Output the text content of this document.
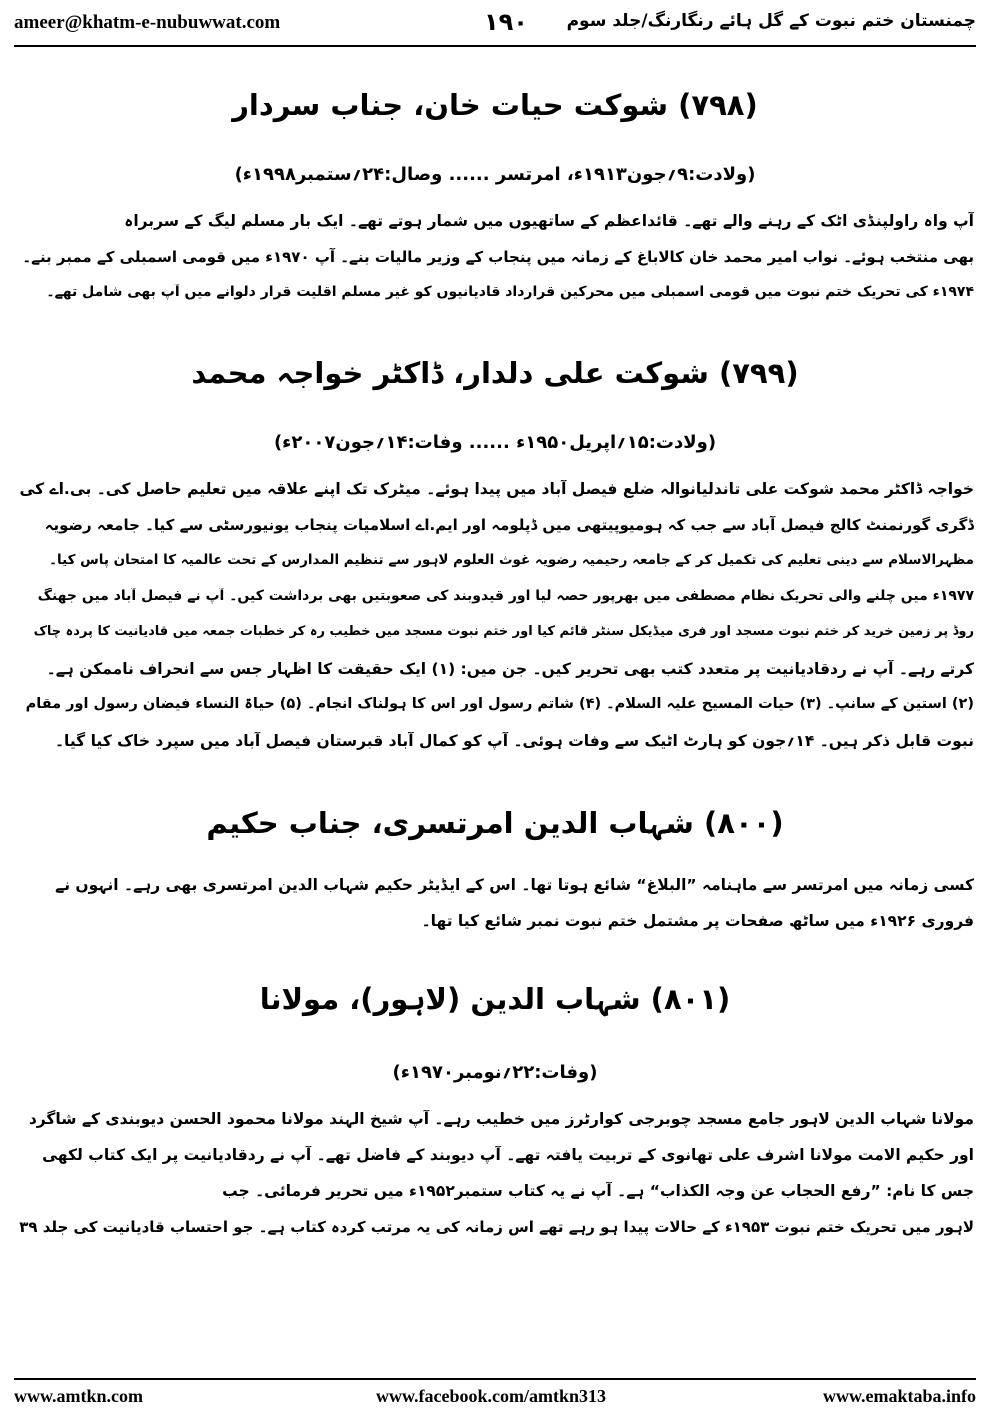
ameer@khatm-e-nubuwwat.com	۱۹۰ چمنستان ختم نبوت کے گل ہائے رنگارنگ/جلد سوم
(۷۹۸) شوکت حیات خان، جناب سردار
(ولادت:۹؍جون۱۹۱۳ء، امرتسر ...... وصال:۲۴؍ستمبر۱۹۹۸ء)
آپ واہ راولپنڈی اٹک کے رہنے والے تھے۔ قائداعظم کے ساتھیوں میں شمار ہوتے تھے۔ ایک بار مسلم لیگ کے سربراہ
بھی منتخب ہوئے۔ نواب امیر محمد خان کالاباغ کے زمانہ میں پنجاب کے وزیر مالیات بنے۔ آپ ۱۹۷۰ء میں قومی اسمبلی کے ممبر بنے۔
۱۹۷۴ء کی تحریک ختم نبوت میں قومی اسمبلی میں محرکین قرارداد قادیانیوں کو غیر مسلم اقلیت قرار دلوانے میں آپ بھی شامل تھے۔
(۷۹۹) شوکت علی دلدار، ڈاکٹر خواجہ محمد
(ولادت:۱۵؍اپریل۱۹۵۰ء ...... وفات:۱۴؍جون۲۰۰۷ء)
خواجہ ڈاکٹر محمد شوکت علی تاندلیانوالہ ضلع فیصل آباد میں پیدا ہوئے۔ میٹرک تک اپنے علاقہ میں تعلیم حاصل کی۔ بی.اے کی
ڈگری گورنمنٹ کالج فیصل آباد سے جب کہ ہومیوپیتھی میں ڈپلومہ اور ایم.اے اسلامیات پنجاب یونیورسٹی سے کیا۔ جامعہ رضویہ
مظہرالاسلام سے دینی تعلیم کی تکمیل کر کے جامعہ رحیمیہ رضویہ غوث العلوم لاہور سے تنظیم المدارس کے تحت عالمیہ کا امتحان پاس کیا۔
۱۹۷۷ء میں چلنے والی تحریک نظام مصطفی میں بھرپور حصہ لیا اور قیدوبند کی صعوبتیں بھی برداشت کیں۔ آپ نے فیصل آباد میں جھنگ
روڈ پر زمین خرید کر ختم نبوت مسجد اور فری میڈیکل سنٹر قائم کیا اور ختم نبوت مسجد میں خطیب رہ کر خطبات جمعہ میں قادیانیت کا پردہ چاک
کرتے رہے۔ آپ نے ردقادیانیت پر متعدد کتب بھی تحریر کیں۔ جن میں: (۱) ایک حقیقت کا اظہار جس سے انحراف ناممکن ہے۔
(۲) آستین کے سانپ۔ (۳) حیات المسیح علیہ السلام۔ (۴) شاتم رسول اور اس کا ہولناک انجام۔ (۵) حیاۃ النساء فیضان رسول اور مقام
نبوت قابل ذکر ہیں۔ ۱۴؍جون کو ہارٹ اٹیک سے وفات ہوئی۔ آپ کو کمال آباد قبرستان فیصل آباد میں سپرد خاک کیا گیا۔
(۸۰۰) شہاب الدین امرتسری، جناب حکیم
کسی زمانہ میں امرتسر سے ماہنامہ ”البلاغ“ شائع ہوتا تھا۔ اس کے ایڈیٹر حکیم شہاب الدین امرتسری بھی رہے۔ انہوں نے
فروری ۱۹۲۶ء میں ساٹھ صفحات پر مشتمل ختم نبوت نمبر شائع کیا تھا۔
(۸۰۱) شہاب الدین (لاہور)، مولانا
(وفات:۲۲؍نومبر۱۹۷۰ء)
مولانا شہاب الدین لاہور جامع مسجد چوبرجی کوارٹرز میں خطیب رہے۔ آپ شیخ الہند مولانا محمود الحسن دیوبندی کے شاگرد
اور حکیم الامت مولانا اشرف علی تھانوی کے تربیت یافتہ تھے۔ آپ دیوبند کے فاضل تھے۔ آپ نے ردقادیانیت پر ایک کتاب لکھی
جس کا نام: ”رفع الحجاب عن وجہ الکذاب“ ہے۔ آپ نے یہ کتاب ستمبر۱۹۵۲ء میں تحریر فرمائی۔ جب
لاہور میں تحریک ختم نبوت ۱۹۵۳ء کے حالات پیدا ہو رہے تھے اس زمانہ کی یہ مرتب کردہ کتاب ہے۔ جو احتساب قادیانیت کی جلد ۳۹
www.amtkn.com	www.facebook.com/amtkn313	www.emaktaba.info
